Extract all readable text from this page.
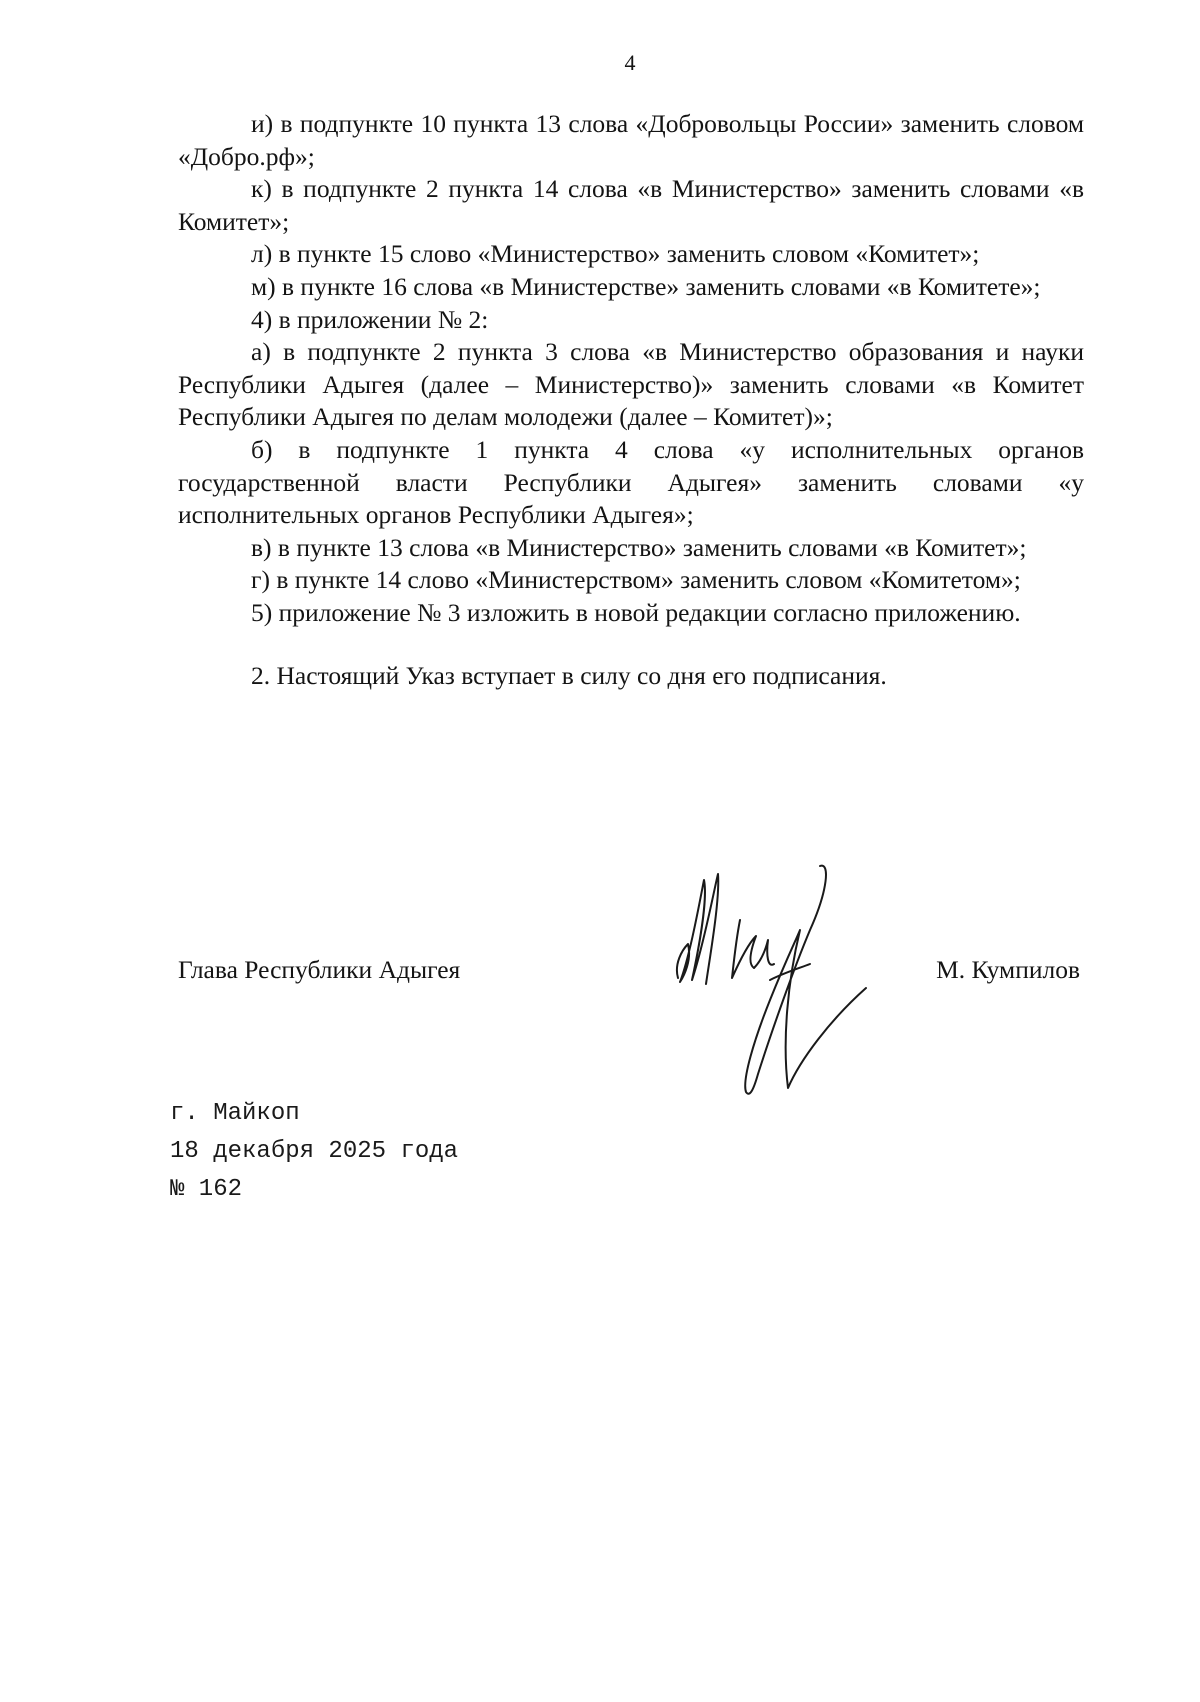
4

и) в подпункте 10 пункта 13 слова «Добровольцы России» заменить словом «Добро.рф»;

к) в подпункте 2 пункта 14 слова «в Министерство» заменить словами «в Комитет»;

л) в пункте 15 слово «Министерство» заменить словом «Комитет»;

м) в пункте 16 слова «в Министерстве» заменить словами «в Комитете»;

4) в приложении № 2:

а) в подпункте 2 пункта 3 слова «в Министерство образования и науки Республики Адыгея (далее – Министерство)» заменить словами «в Комитет Республики Адыгея по делам молодежи (далее – Комитет)»;

б) в подпункте 1 пункта 4 слова «у исполнительных органов государственной власти Республики Адыгея» заменить словами «у исполнительных органов Республики Адыгея»;

в) в пункте 13 слова «в Министерство» заменить словами «в Комитет»;

г) в пункте 14 слово «Министерством» заменить словом «Комитетом»;

5) приложение № 3 изложить в новой редакции согласно приложению.

2. Настоящий Указ вступает в силу со дня его подписания.

Глава Республики Адыгея	М. Кумпилов
г. Майкоп
18 декабря 2025 года
№ 162
